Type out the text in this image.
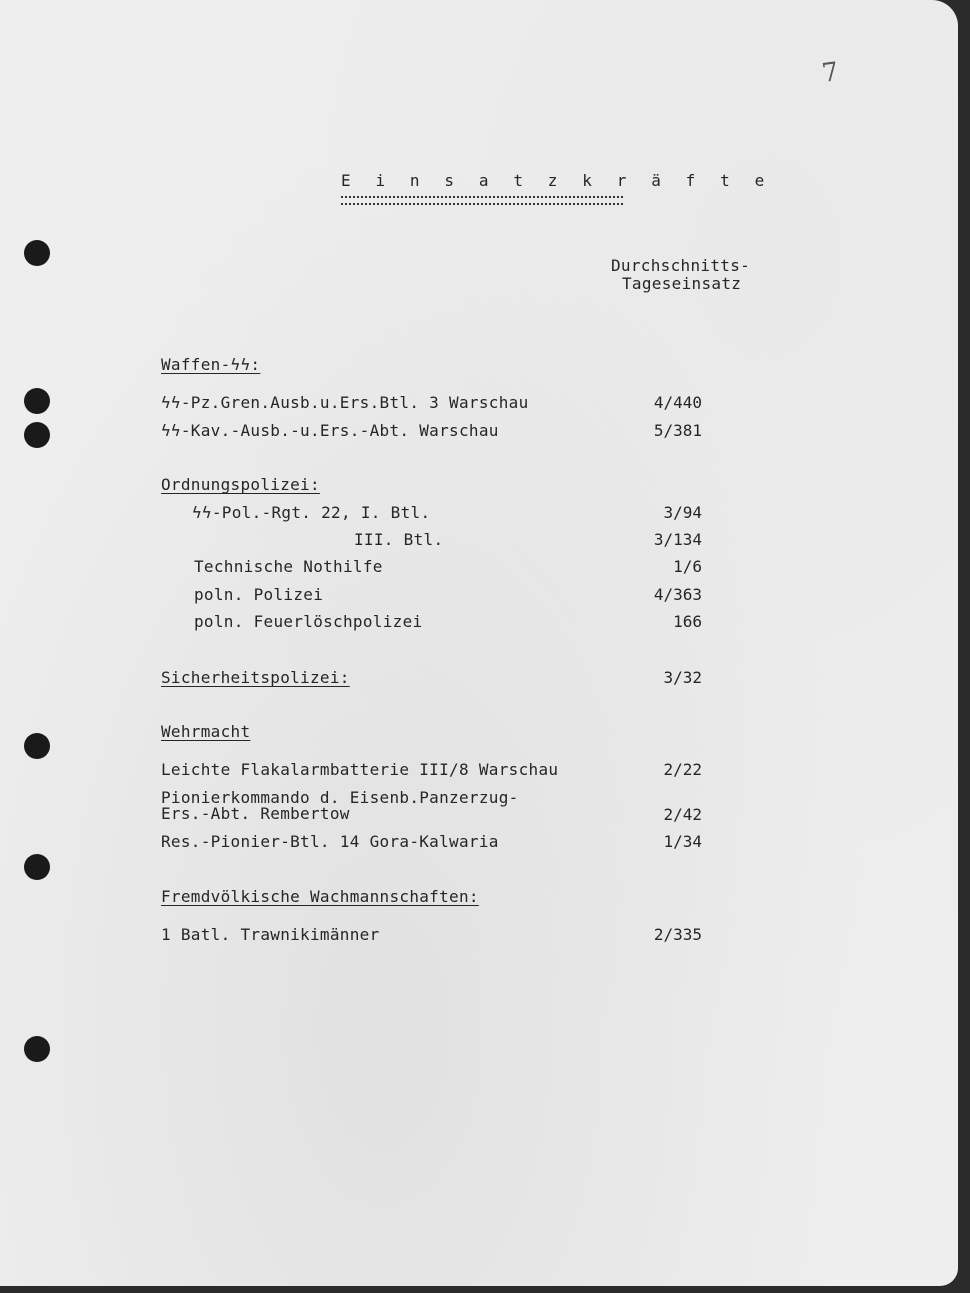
7
E i n s a t z k r ä f t e
Durchschnitts-
Tageseinsatz
Waffen-ϟϟ:
ϟϟ-Pz.Gren.Ausb.u.Ers.Btl. 3 Warschau	4/440
ϟϟ-Kav.-Ausb.-u.Ers.-Abt. Warschau	5/381
Ordnungspolizei:
ϟϟ-Pol.-Rgt. 22, I. Btl.	3/94
III. Btl.	3/134
Technische Nothilfe	1/6
poln. Polizei	4/363
poln. Feuerlöschpolizei	166
Sicherheitspolizei:	3/32
Wehrmacht
Leichte Flakalarmbatterie III/8 Warschau	2/22
Pionierkommando d. Eisenb.Panzerzug-
Ers.-Abt. Rembertow	2/42
Res.-Pionier-Btl. 14 Gora-Kalwaria	1/34
Fremdvölkische Wachmannschaften:
1 Batl. Trawnikimänner	2/335
